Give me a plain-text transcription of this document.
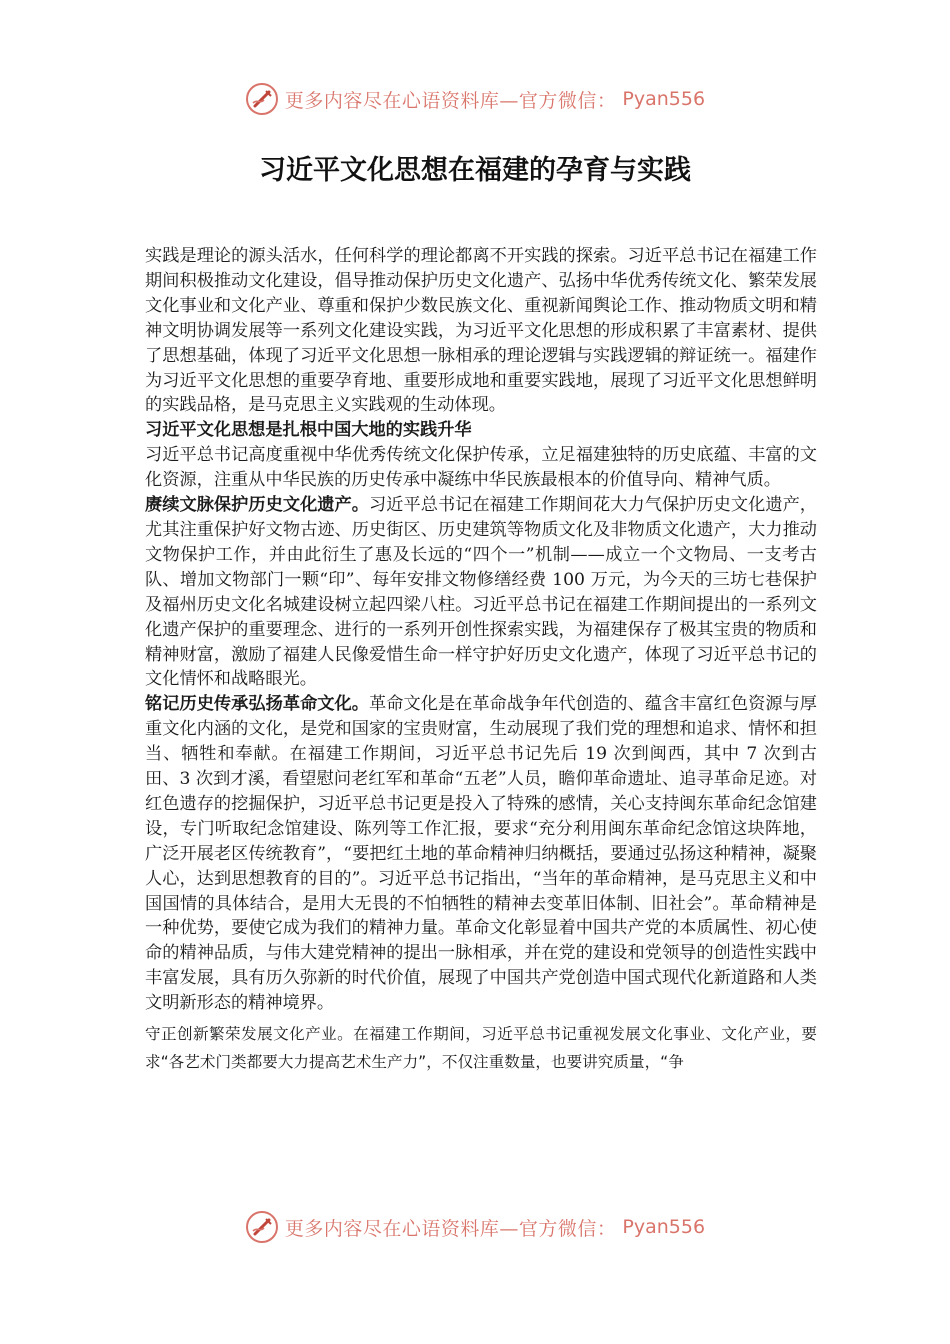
更多内容尽在心语资料库—官方微信： Pyan556
习近平文化思想在福建的孕育与实践

实践是理论的源头活水，任何科学的理论都离不开实践的探索。习近平总书记在福建工作期间积极推动文化建设，倡导推动保护历史文化遗产、弘扬中华优秀传统文化、繁荣发展文化事业和文化产业、尊重和保护少数民族文化、重视新闻舆论工作、推动物质文明和精神文明协调发展等一系列文化建设实践，为习近平文化思想的形成积累了丰富素材、提供了思想基础，体现了习近平文化思想一脉相承的理论逻辑与实践逻辑的辩证统一。福建作为习近平文化思想的重要孕育地、重要形成地和重要实践地，展现了习近平文化思想鲜明的实践品格，是马克思主义实践观的生动体现。

习近平文化思想是扎根中国大地的实践升华

习近平总书记高度重视中华优秀传统文化保护传承，立足福建独特的历史底蕴、丰富的文化资源，注重从中华民族的历史传承中凝练中华民族最根本的价值导向、精神气质。

赓续文脉保护历史文化遗产。习近平总书记在福建工作期间花大力气保护历史文化遗产，尤其注重保护好文物古迹、历史街区、历史建筑等物质文化及非物质文化遗产，大力推动文物保护工作，并由此衍生了惠及长远的“四个一”机制——成立一个文物局、一支考古队、增加文物部门一颗“印”、每年安排文物修缮经费 100 万元，为今天的三坊七巷保护及福州历史文化名城建设树立起四梁八柱。习近平总书记在福建工作期间提出的一系列文化遗产保护的重要理念、进行的一系列开创性探索实践，为福建保存了极其宝贵的物质和精神财富，激励了福建人民像爱惜生命一样守护好历史文化遗产，体现了习近平总书记的文化情怀和战略眼光。

铭记历史传承弘扬革命文化。革命文化是在革命战争年代创造的、蕴含丰富红色资源与厚重文化内涵的文化，是党和国家的宝贵财富，生动展现了我们党的理想和追求、情怀和担当、牺牲和奉献。在福建工作期间，习近平总书记先后 19 次到闽西，其中 7 次到古田、3 次到才溪，看望慰问老红军和革命“五老”人员，瞻仰革命遗址、追寻革命足迹。对红色遗存的挖掘保护，习近平总书记更是投入了特殊的感情，关心支持闽东革命纪念馆建设，专门听取纪念馆建设、陈列等工作汇报，要求“充分利用闽东革命纪念馆这块阵地，广泛开展老区传统教育”，“要把红土地的革命精神归纳概括，要通过弘扬这种精神，凝聚人心，达到思想教育的目的”。习近平总书记指出，“当年的革命精神，是马克思主义和中国国情的具体结合，是用大无畏的不怕牺牲的精神去变革旧体制、旧社会”。革命精神是一种优势，要使它成为我们的精神力量。革命文化彰显着中国共产党的本质属性、初心使命的精神品质，与伟大建党精神的提出一脉相承，并在党的建设和党领导的创造性实践中丰富发展，具有历久弥新的时代价值，展现了中国共产党创造中国式现代化新道路和人类文明新形态的精神境界。

守正创新繁荣发展文化产业。在福建工作期间，习近平总书记重视发展文化事业、文化产业，要求“各艺术门类都要大力提高艺术生产力”，不仅注重数量，也要讲究质量，“争

更多内容尽在心语资料库—官方微信： Pyan556
